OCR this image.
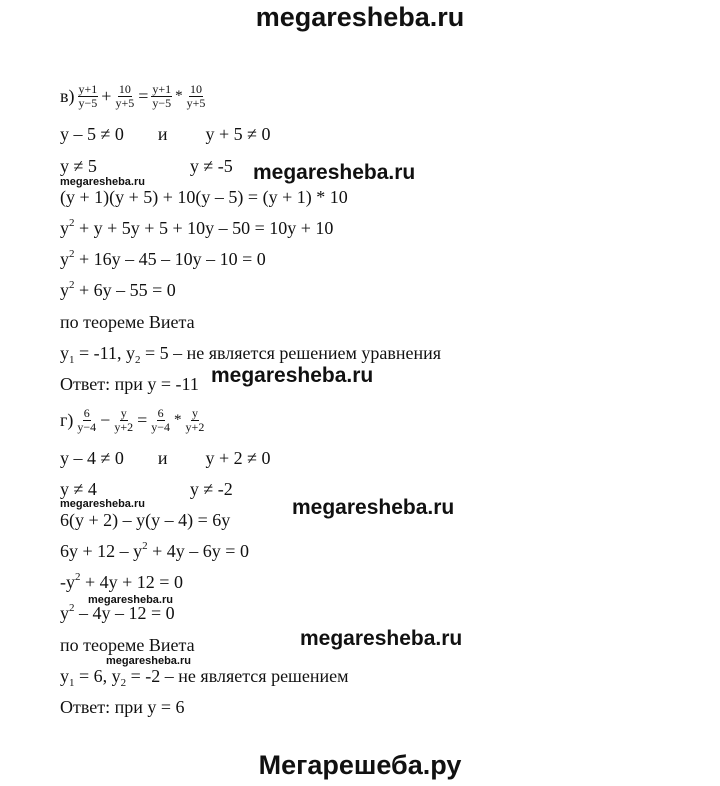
megaresheba.ru
$в) \frac{y+1}{y-5} + \frac{10}{y+5} = \frac{y+1}{y-5} * \frac{10}{y+5}$
y – 5 ≠ 0 и y + 5 ≠ 0
y ≠ 5	y ≠ -5
(y + 1)(y + 5) + 10(y – 5) = (y + 1) * 10
$y^2 + y + 5y + 5 + 10y - 50 = 10y + 10$
$y^2 + 16y - 45 - 10y - 10 = 0$
$y^2 + 6y - 55 = 0$
по теореме Виета
$y_1 = -11$, $y_2 = 5$ – не является решением уравнения
Ответ: при y = -11
$г) \frac{6}{y-4} - \frac{y}{y+2} = \frac{6}{y-4} * \frac{y}{y+2}$
y – 4 ≠ 0 и y + 2 ≠ 0
y ≠ 4	y ≠ -2
6(y + 2) – y(y – 4) = 6y
$6y + 12 - y^2 + 4y - 6y = 0$
$-y^2 + 4y + 12 = 0$
$y^2 - 4y - 12 = 0$
по теореме Виета
$y_1 = 6$, $y_2 = -2$ – не является решением
Ответ: при y = 6
megaresheba.ru
megaresheba.ru
megaresheba.ru
megaresheba.ru	megaresheba.ru
megaresheba.ru
megaresheba.ru
megaresheba.ru
Мегарешеба.ру
